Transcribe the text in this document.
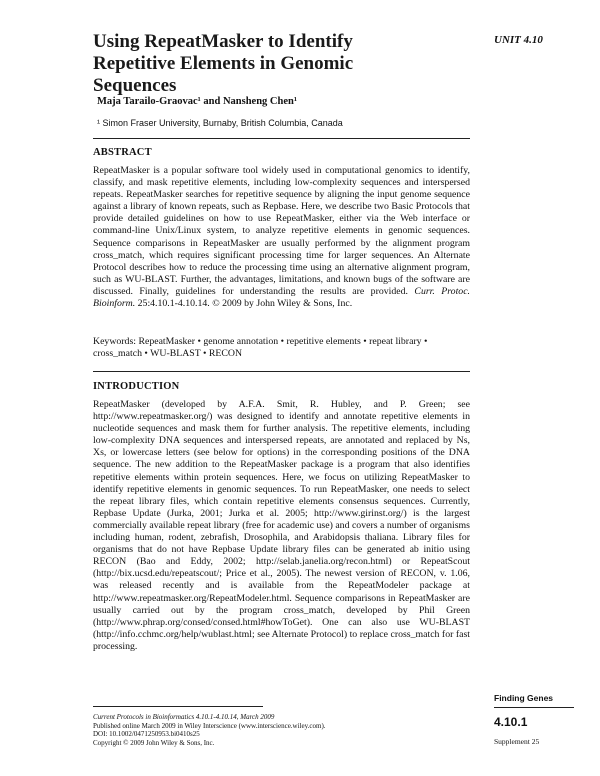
Using RepeatMasker to Identify Repetitive Elements in Genomic Sequences
UNIT 4.10
Maja Tarailo-Graovac¹ and Nansheng Chen¹
¹ Simon Fraser University, Burnaby, British Columbia, Canada
ABSTRACT
RepeatMasker is a popular software tool widely used in computational genomics to identify, classify, and mask repetitive elements, including low-complexity sequences and interspersed repeats. RepeatMasker searches for repetitive sequence by aligning the input genome sequence against a library of known repeats, such as Repbase. Here, we describe two Basic Protocols that provide detailed guidelines on how to use RepeatMasker, either via the Web interface or command-line Unix/Linux system, to analyze repetitive elements in genomic sequences. Sequence comparisons in RepeatMasker are usually performed by the alignment program cross_match, which requires significant processing time for larger sequences. An Alternate Protocol describes how to reduce the processing time using an alternative alignment program, such as WU-BLAST. Further, the advantages, limitations, and known bugs of the software are discussed. Finally, guidelines for understanding the results are provided. Curr. Protoc. Bioinform. 25:4.10.1-4.10.14. © 2009 by John Wiley & Sons, Inc.
Keywords: RepeatMasker • genome annotation • repetitive elements • repeat library • cross_match • WU-BLAST • RECON
INTRODUCTION
RepeatMasker (developed by A.F.A. Smit, R. Hubley, and P. Green; see http://www.repeatmasker.org/) was designed to identify and annotate repetitive elements in nucleotide sequences and mask them for further analysis. The repetitive elements, including low-complexity DNA sequences and interspersed repeats, are annotated and replaced by Ns, Xs, or lowercase letters (see below for options) in the corresponding positions of the DNA sequence. The new addition to the RepeatMasker package is a program that also identifies repetitive elements within protein sequences. Here, we focus on utilizing RepeatMasker to identify repetitive elements in genomic sequences. To run RepeatMasker, one needs to select the repeat library files, which contain repetitive elements consensus sequences. Currently, Repbase Update (Jurka, 2001; Jurka et al. 2005; http://www.girinst.org/) is the largest commercially available repeat library (free for academic use) and covers a number of organisms including human, rodent, zebrafish, Drosophila, and Arabidopsis thaliana. Library files for organisms that do not have Repbase Update library files can be generated ab initio using RECON (Bao and Eddy, 2002; http://selab.janelia.org/recon.html) or RepeatScout (http://bix.ucsd.edu/repeatscout/; Price et al., 2005). The newest version of RECON, v. 1.06, was released recently and is available from the RepeatModeler package at http://www.repeatmasker.org/RepeatModeler.html. Sequence comparisons in RepeatMasker are usually carried out by the program cross_match, developed by Phil Green (http://www.phrap.org/consed/consed.html#howToGet). One can also use WU-BLAST (http://info.cchmc.org/help/wublast.html; see Alternate Protocol) to replace cross_match for fast processing.
Current Protocols in Bioinformatics 4.10.1-4.10.14, March 2009
Published online March 2009 in Wiley Interscience (www.interscience.wiley.com).
DOI: 10.1002/0471250953.bi0410s25
Copyright © 2009 John Wiley & Sons, Inc.
Finding Genes
4.10.1
Supplement 25
